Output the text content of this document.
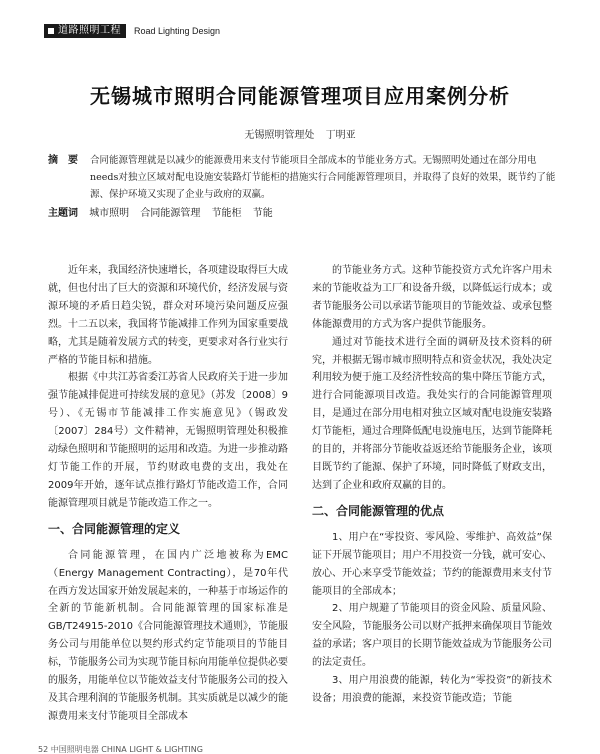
道路照明工程	Road Lighting Design
无锡城市照明合同能源管理项目应用案例分析
无锡照明管理处 丁明亚
摘　要	合同能源管理就是以减少的能源费用来支付节能项目全部成本的节能业务方式。无锡照明处通过在部分用电needs对独立区域对配电设施安装路灯节能柜的措施实行合同能源管理项目，并取得了良好的效果，既节约了能源、保护环境又实现了企业与政府的双赢。
主题词 城市照明 合同能源管理 节能柜 节能

近年来，我国经济快速增长，各项建设取得巨大成就，但也付出了巨大的资源和环境代价，经济发展与资源环境的矛盾日趋尖锐，群众对环境污染问题反应强烈。十二五以来，我国将节能减排工作列为国家重要战略，尤其是随着发展方式的转变，更要求对各行业实行严格的节能目标和措施。

根据《中共江苏省委江苏省人民政府关于进一步加强节能减排促进可持续发展的意见》（苏发〔2008〕9号）、《无锡市节能减排工作实施意见》（锡政发〔2007〕284号）文件精神，无锡照明管理处积极推动绿色照明和节能照明的运用和改造。为进一步推动路灯节能工作的开展，节约财政电费的支出，我处在2009年开始，逐年试点推行路灯节能改造工作，合同能源管理项目就是节能改造工作之一。

一、合同能源管理的定义

合同能源管理，在国内广泛地被称为EMC（Energy Management Contracting），是70年代在西方发达国家开始发展起来的，一种基于市场运作的全新的节能新机制。合同能源管理的国家标准是GB/T24915-2010《合同能源管理技术通则》，节能服务公司与用能单位以契约形式约定节能项目的节能目标，节能服务公司为实现节能目标向用能单位提供必要的服务，用能单位以节能效益支付节能服务公司的投入及其合理利润的节能服务机制。其实质就是以减少的能源费用来支付节能项目全部成本

的节能业务方式。这种节能投资方式允许客户用未来的节能收益为工厂和设备升级，以降低运行成本；或者节能服务公司以承诺节能项目的节能效益、或承包整体能源费用的方式为客户提供节能服务。

通过对节能技术进行全面的调研及技术资料的研究，并根据无锡市城市照明特点和资金状况，我处决定利用较为便于施工及经济性较高的集中降压节能方式，进行合同能源项目改造。我处实行的合同能源管理项目，是通过在部分用电相对独立区域对配电设施安装路灯节能柜，通过合理降低配电设施电压，达到节能降耗的目的，并将部分节能收益返还给节能服务企业，该项目既节约了能源、保护了环境，同时降低了财政支出，达到了企业和政府双赢的目的。

二、合同能源管理的优点

1、用户在“零投资、零风险、零维护、高效益”保证下开展节能项目；用户不用投资一分钱，就可安心、放心、开心来享受节能效益；节约的能源费用来支付节能项目的全部成本；

2、用户规避了节能项目的资金风险、质量风险、安全风险，节能服务公司以财产抵押来确保项目节能效益的承诺；客户项目的长期节能效益成为节能服务公司的法定责任。

3、用户用浪费的能源，转化为“零投资”的新技术设备；用浪费的能源，来投资节能改造；节能

52 中国照明电器 CHINA LIGHT & LIGHTING
